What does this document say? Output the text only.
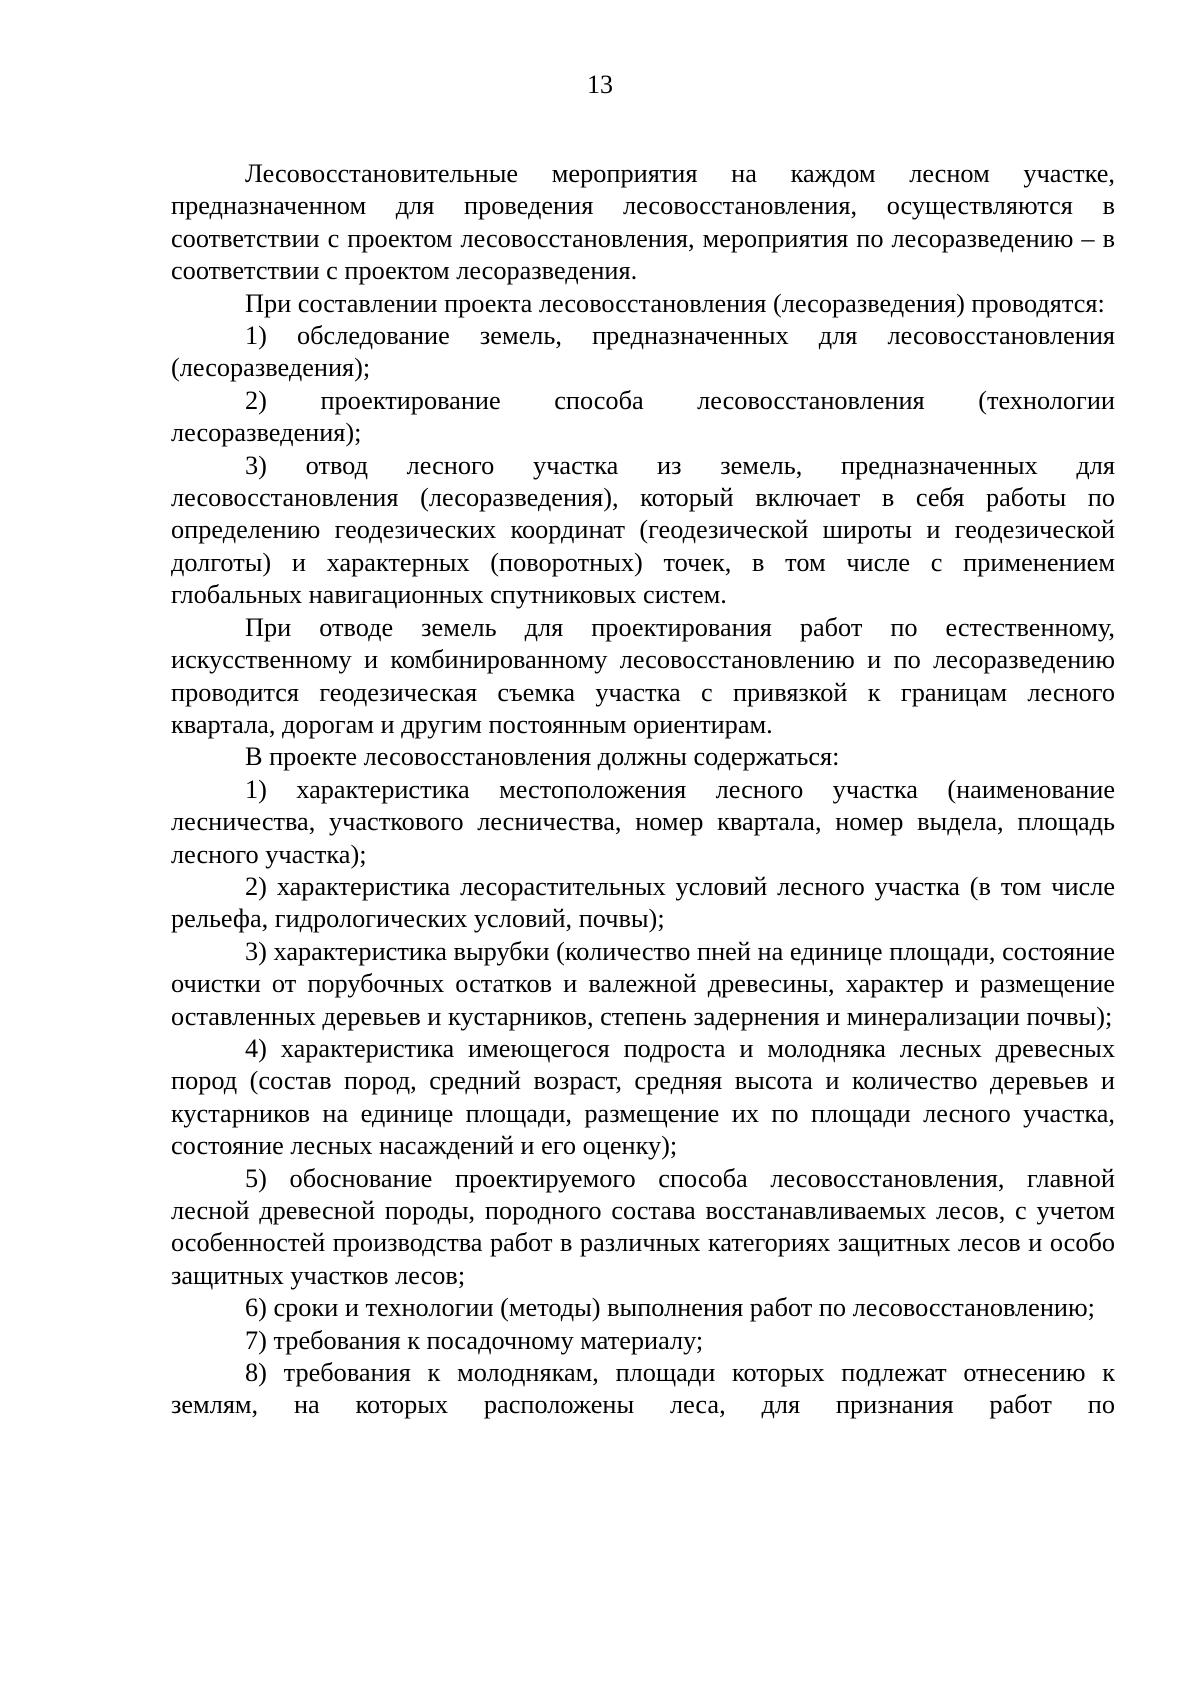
13

Лесовосстановительные мероприятия на каждом лесном участке, предназначенном для проведения лесовосстановления, осуществляются в соответствии с проектом лесовосстановления, мероприятия по лесоразведению – в соответствии с проектом лесоразведения.

При составлении проекта лесовосстановления (лесоразведения) проводятся:

1) обследование земель, предназначенных для лесовосстановления (лесоразведения);

2) проектирование способа лесовосстановления (технологии лесоразведения);

3) отвод лесного участка из земель, предназначенных для лесовосстановления (лесоразведения), который включает в себя работы по определению геодезических координат (геодезической широты и геодезической долготы) и характерных (поворотных) точек, в том числе с применением глобальных навигационных спутниковых систем.

При отводе земель для проектирования работ по естественному, искусственному и комбинированному лесовосстановлению и по лесоразведению проводится геодезическая съемка участка с привязкой к границам лесного квартала, дорогам и другим постоянным ориентирам.

В проекте лесовосстановления должны содержаться:

1) характеристика местоположения лесного участка (наименование лесничества, участкового лесничества, номер квартала, номер выдела, площадь лесного участка);

2) характеристика лесорастительных условий лесного участка (в том числе рельефа, гидрологических условий, почвы);

3) характеристика вырубки (количество пней на единице площади, состояние очистки от порубочных остатков и валежной древесины, характер и размещение оставленных деревьев и кустарников, степень задернения и минерализации почвы);

4) характеристика имеющегося подроста и молодняка лесных древесных пород (состав пород, средний возраст, средняя высота и количество деревьев и кустарников на единице площади, размещение их по площади лесного участка, состояние лесных насаждений и его оценку);

5) обоснование проектируемого способа лесовосстановления, главной лесной древесной породы, породного состава восстанавливаемых лесов, с учетом особенностей производства работ в различных категориях защитных лесов и особо защитных участков лесов;

6) сроки и технологии (методы) выполнения работ по лесовосстановлению;

7) требования к посадочному материалу;

8) требования к молоднякам, площади которых подлежат отнесению к землям, на которых расположены леса, для признания работ по
